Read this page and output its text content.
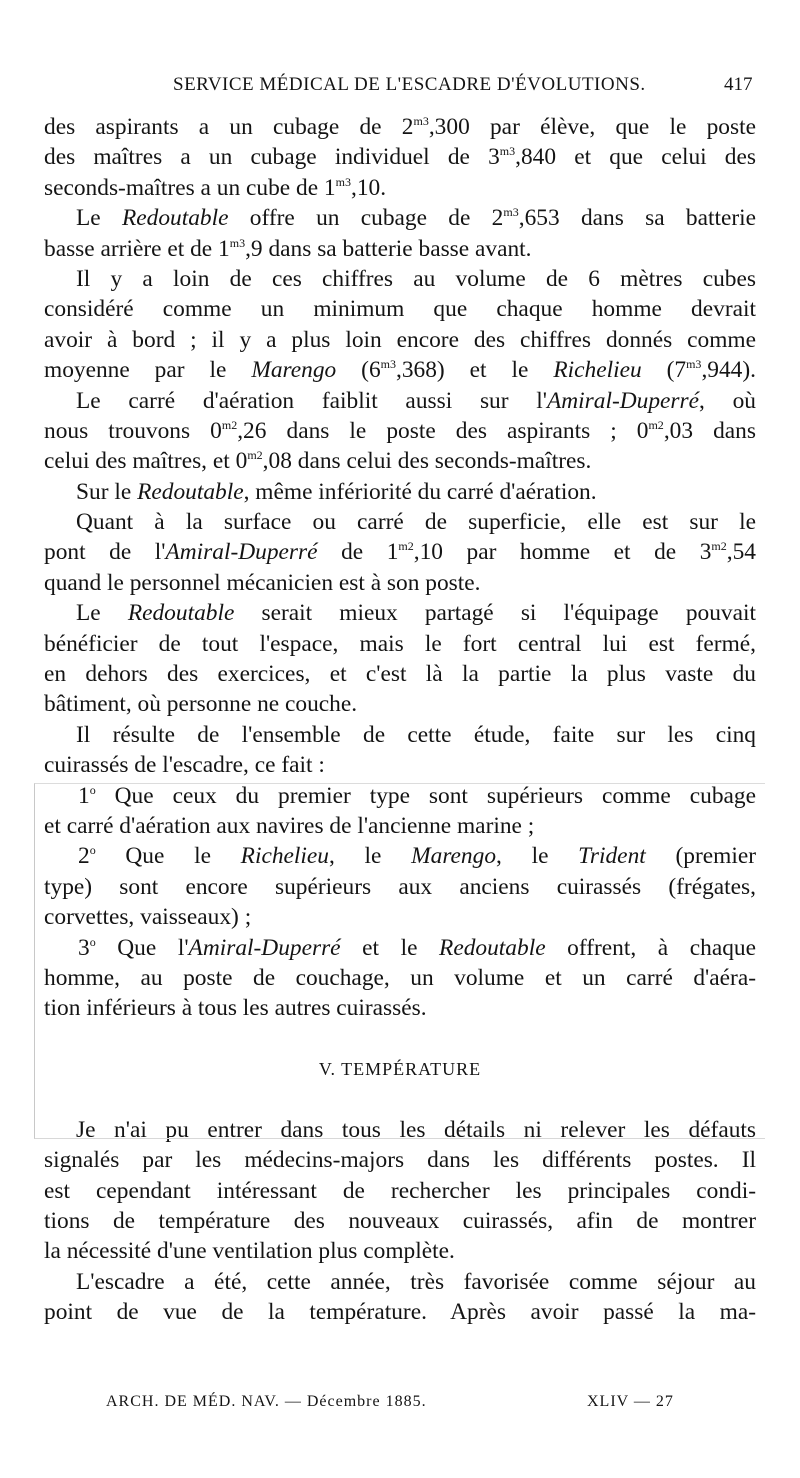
SERVICE MÉDICAL DE L'ESCADRE D'ÉVOLUTIONS.	417
des aspirants a un cubage de $2^{m3},300$ par élève, que le poste
des maîtres a un cubage individuel de $3^{m3},840$ et que celui des
seconds-maîtres a un cube de $1^{m3},10$.
Le Redoutable offre un cubage de $2^{m3},653$ dans sa batterie
basse arrière et de $1^{m3},9$ dans sa batterie basse avant.
Il y a loin de ces chiffres au volume de 6 mètres cubes
considéré comme un minimum que chaque homme devrait
avoir à bord ; il y a plus loin encore des chiffres donnés comme
moyenne par le Marengo $(6^{m3},368)$ et le Richelieu $(7^{m3},944)$.
Le carré d'aération faiblit aussi sur l'Amiral-Duperré, où
nous trouvons $0^{m2},26$ dans le poste des aspirants ; $0^{m2},03$ dans
celui des maîtres, et $0^{m2},08$ dans celui des seconds-maîtres.
Sur le Redoutable, même infériorité du carré d'aération.
Quant à la surface ou carré de superficie, elle est sur le
pont de l'Amiral-Duperré de $1^{m2},10$ par homme et de $3^{m2},54$
quand le personnel mécanicien est à son poste.
Le Redoutable serait mieux partagé si l'équipage pouvait
bénéficier de tout l'espace, mais le fort central lui est fermé,
en dehors des exercices, et c'est là la partie la plus vaste du
bâtiment, où personne ne couche.
Il résulte de l'ensemble de cette étude, faite sur les cinq
cuirassés de l'escadre, ce fait :
1$^o$ Que ceux du premier type sont supérieurs comme cubage
et carré d'aération aux navires de l'ancienne marine ;
2$^o$ Que le Richelieu, le Marengo, le Trident (premier
type) sont encore supérieurs aux anciens cuirassés (frégates,
corvettes, vaisseaux) ;
3$^o$ Que l'Amiral-Duperré et le Redoutable offrent, à chaque
homme, au poste de couchage, un volume et un carré d'aéra-
tion inférieurs à tous les autres cuirassés.
V. TEMPÉRATURE
Je n'ai pu entrer dans tous les détails ni relever les défauts
signalés par les médecins-majors dans les différents postes. Il
est cependant intéressant de rechercher les principales condi-
tions de température des nouveaux cuirassés, afin de montrer
la nécessité d'une ventilation plus complète.
L'escadre a été, cette année, très favorisée comme séjour au
point de vue de la température. Après avoir passé la ma-
ARCH. DE MÉD. NAV. — Décembre 1885.	XLIV — 27
